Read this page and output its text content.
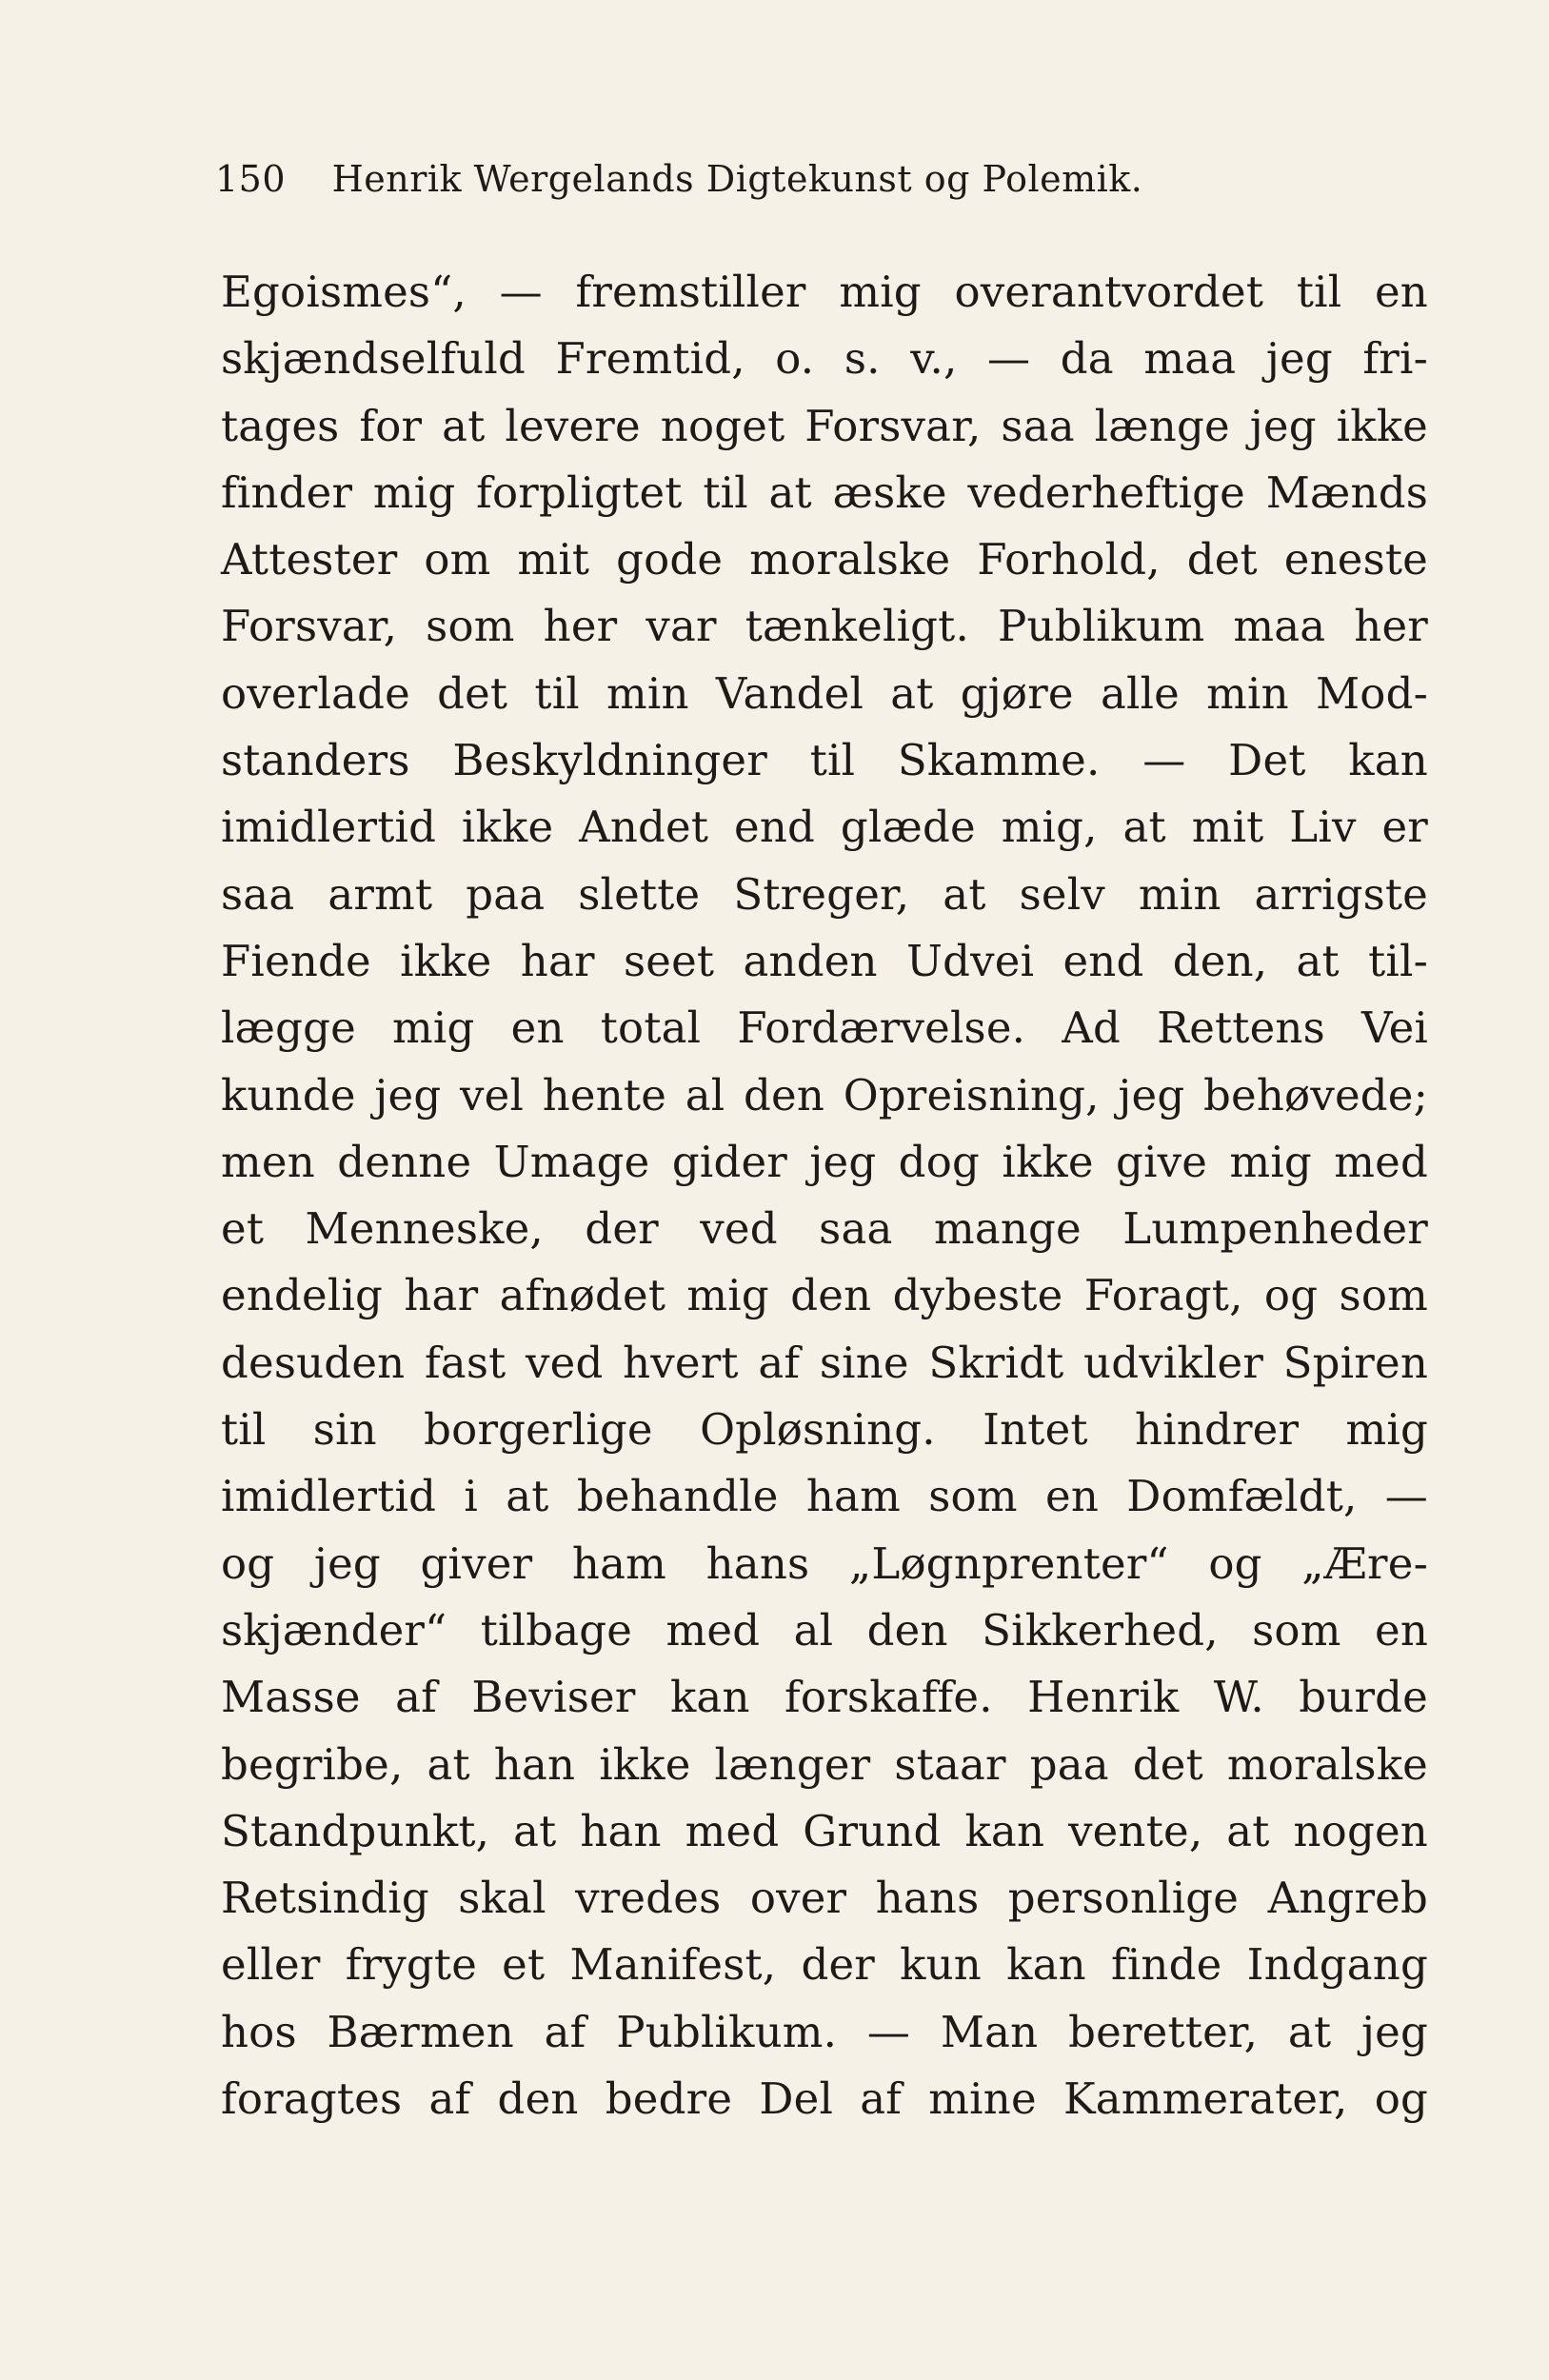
150 Henrik Wergelands Digtekunst og Polemik.
Egoismes“, — fremstiller mig overantvordet til en
skjændselfuld Fremtid, o. s. v., — da maa jeg fri-
tages for at levere noget Forsvar, saa længe jeg ikke
finder mig forpligtet til at æske vederheftige Mænds
Attester om mit gode moralske Forhold, det eneste
Forsvar, som her var tænkeligt. Publikum maa her
overlade det til min Vandel at gjøre alle min Mod-
standers Beskyldninger til Skamme. — Det kan
imidlertid ikke Andet end glæde mig, at mit Liv er
saa armt paa slette Streger, at selv min arrigste
Fiende ikke har seet anden Udvei end den, at til-
lægge mig en total Fordærvelse. Ad Rettens Vei
kunde jeg vel hente al den Opreisning, jeg behøvede;
men denne Umage gider jeg dog ikke give mig med
et Menneske, der ved saa mange Lumpenheder
endelig har afnødet mig den dybeste Foragt, og som
desuden fast ved hvert af sine Skridt udvikler Spiren
til sin borgerlige Opløsning. Intet hindrer mig
imidlertid i at behandle ham som en Domfældt, —
og jeg giver ham hans „Løgnprenter“ og „Ære-
skjænder“ tilbage med al den Sikkerhed, som en
Masse af Beviser kan forskaffe. Henrik W. burde
begribe, at han ikke længer staar paa det moralske
Standpunkt, at han med Grund kan vente, at nogen
Retsindig skal vredes over hans personlige Angreb
eller frygte et Manifest, der kun kan finde Indgang
hos Bærmen af Publikum. — Man beretter, at jeg
foragtes af den bedre Del af mine Kammerater, og
